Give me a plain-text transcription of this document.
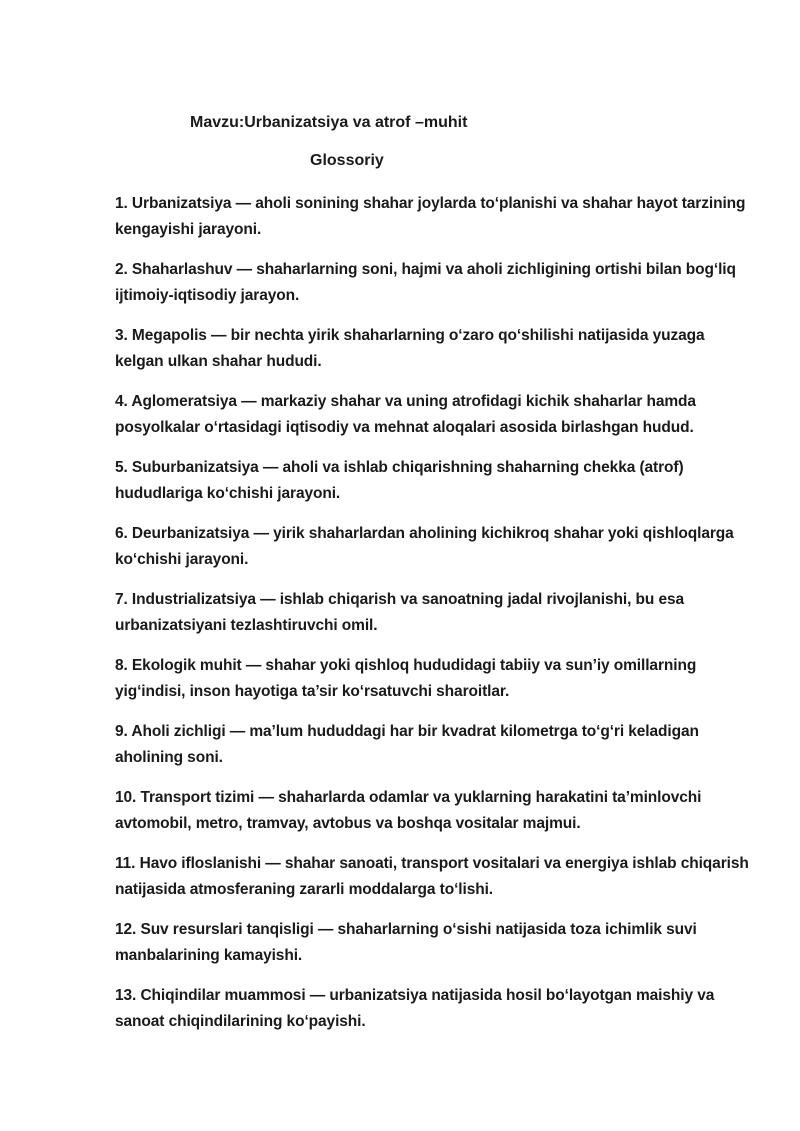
Mavzu:Urbanizatsiya va atrof –muhit
Glossoriy
1. Urbanizatsiya — aholi sonining shahar joylarda toʻplanishi va shahar hayot tarzining kengayishi jarayoni.
2. Shaharlashuv — shaharlarning soni, hajmi va aholi zichligining ortishi bilan bogʻliq ijtimoiy-iqtisodiy jarayon.
3. Megapolis — bir nechta yirik shaharlarning oʻzaro qoʻshilishi natijasida yuzaga kelgan ulkan shahar hududi.
4. Aglomeratsiya — markaziy shahar va uning atrofidagi kichik shaharlar hamda posyolkalar oʻrtasidagi iqtisodiy va mehnat aloqalari asosida birlashgan hudud.
5. Suburbanizatsiya — aholi va ishlab chiqarishning shaharning chekka (atrof) hududlariga koʻchishi jarayoni.
6. Deurbanizatsiya — yirik shaharlardan aholining kichikroq shahar yoki qishloqlarga koʻchishi jarayoni.
7. Industrializatsiya — ishlab chiqarish va sanoatning jadal rivojlanishi, bu esa urbanizatsiyani tezlashtiruvchi omil.
8. Ekologik muhit — shahar yoki qishloq hududidagi tabiiy va sun’iy omillarning yigʻindisi, inson hayotiga ta’sir koʻrsatuvchi sharoitlar.
9. Aholi zichligi — ma’lum hududdagi har bir kvadrat kilometrga toʻgʻri keladigan aholining soni.
10. Transport tizimi — shaharlarda odamlar va yuklarning harakatini ta’minlovchi avtomobil, metro, tramvay, avtobus va boshqa vositalar majmui.
11. Havo ifloslanishi — shahar sanoati, transport vositalari va energiya ishlab chiqarish natijasida atmosferaning zararli moddalarga toʻlishi.
12. Suv resurslari tanqisligi — shaharlarning oʻsishi natijasida toza ichimlik suvi manbalarining kamayishi.
13. Chiqindilar muammosi — urbanizatsiya natijasida hosil boʻlayotgan maishiy va sanoat chiqindilarining koʻpayishi.
